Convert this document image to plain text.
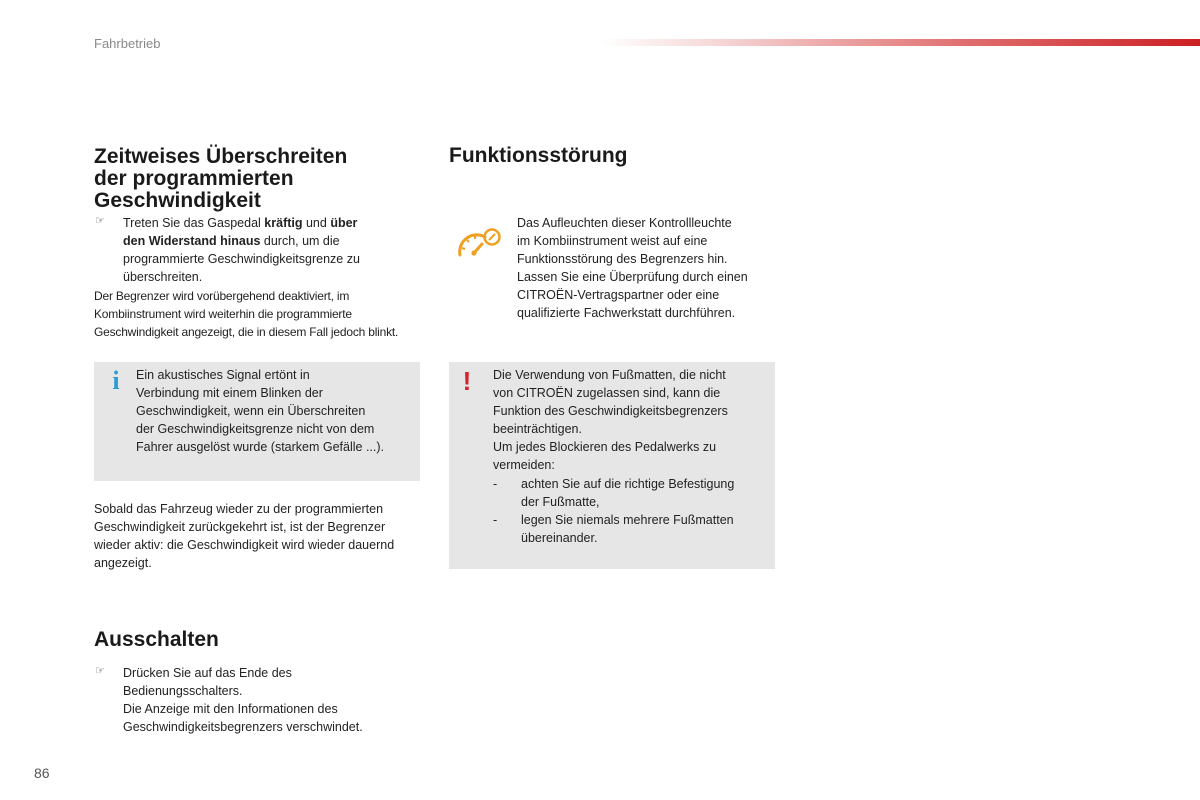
Fahrbetrieb
Zeitweises Überschreiten
der programmierten
Geschwindigkeit
☞ Treten Sie das Gaspedal kräftig und über
den Widerstand hinaus durch, um die
programmierte Geschwindigkeitsgrenze zu
überschreiten.
Der Begrenzer wird vorübergehend deaktiviert, im
Kombiinstrument wird weiterhin die programmierte
Geschwindigkeit angezeigt, die in diesem Fall jedoch blinkt.
i Ein akustisches Signal ertönt in
Verbindung mit einem Blinken der
Geschwindigkeit, wenn ein Überschreiten
der Geschwindigkeitsgrenze nicht von dem
Fahrer ausgelöst wurde (starkem Gefälle ...).
Sobald das Fahrzeug wieder zu der programmierten
Geschwindigkeit zurückgekehrt ist, ist der Begrenzer
wieder aktiv: die Geschwindigkeit wird wieder dauernd
angezeigt.
Ausschalten
☞ Drücken Sie auf das Ende des
Bedienungsschalters.
Die Anzeige mit den Informationen des
Geschwindigkeitsbegrenzers verschwindet.
Funktionsstörung
Das Aufleuchten dieser Kontrollleuchte
im Kombiinstrument weist auf eine
Funktionsstörung des Begrenzers hin.
Lassen Sie eine Überprüfung durch einen
CITROËN-Vertragspartner oder eine
qualifizierte Fachwerkstatt durchführen.
! Die Verwendung von Fußmatten, die nicht
von CITROËN zugelassen sind, kann die
Funktion des Geschwindigkeitsbegrenzers
beeinträchtigen.
Um jedes Blockieren des Pedalwerks zu
vermeiden:
- achten Sie auf die richtige Befestigung
der Fußmatte,
- legen Sie niemals mehrere Fußmatten
übereinander.
86
